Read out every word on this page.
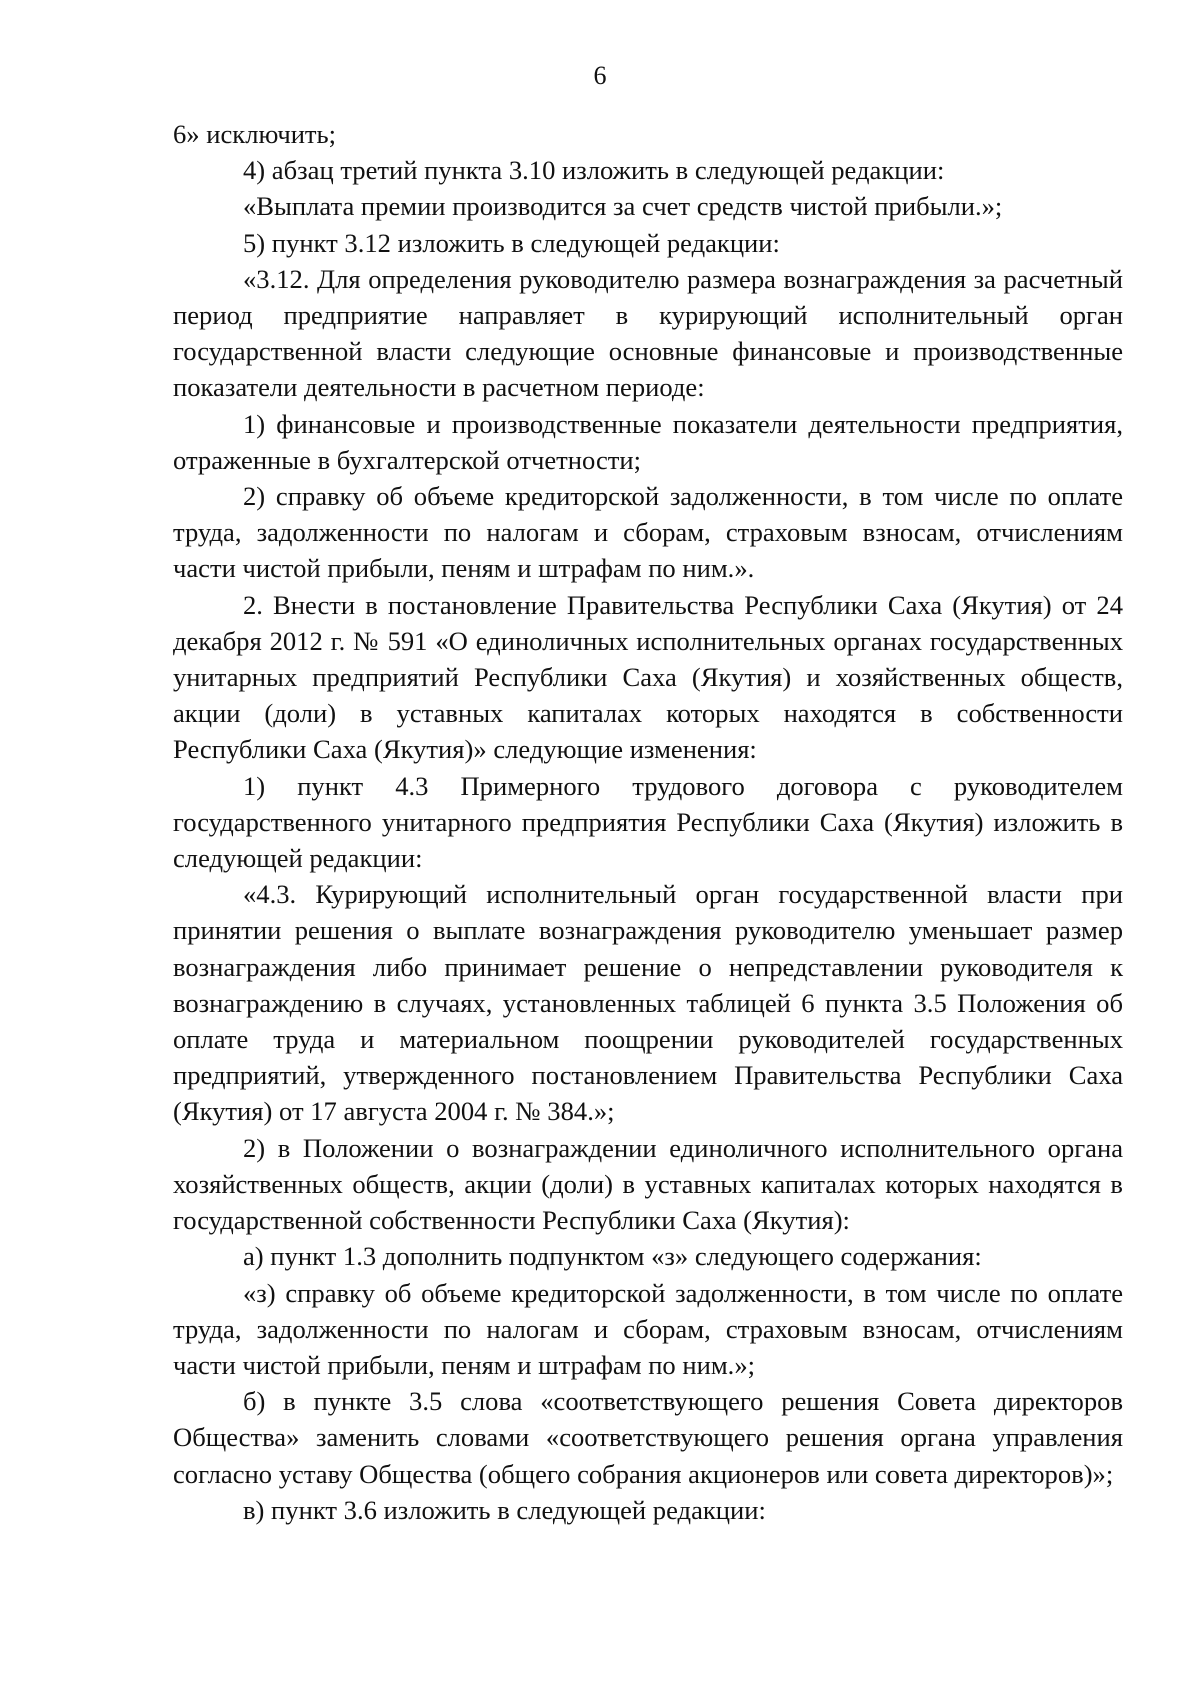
6

6» исключить;

4) абзац третий пункта 3.10 изложить в следующей редакции:

«Выплата премии производится за счет средств чистой прибыли.»;

5) пункт 3.12 изложить в следующей редакции:

«3.12. Для определения руководителю размера вознаграждения за расчетный период предприятие направляет в курирующий исполнительный орган государственной власти следующие основные финансовые и производственные показатели деятельности в расчетном периоде:

1) финансовые и производственные показатели деятельности предприятия, отраженные в бухгалтерской отчетности;

2) справку об объеме кредиторской задолженности, в том числе по оплате труда, задолженности по налогам и сборам, страховым взносам, отчислениям части чистой прибыли, пеням и штрафам по ним.».

2. Внести в постановление Правительства Республики Саха (Якутия) от 24 декабря 2012 г. № 591 «О единоличных исполнительных органах государственных унитарных предприятий Республики Саха (Якутия) и хозяйственных обществ, акции (доли) в уставных капиталах которых находятся в собственности Республики Саха (Якутия)» следующие изменения:

1) пункт 4.3 Примерного трудового договора с руководителем государственного унитарного предприятия Республики Саха (Якутия) изложить в следующей редакции:

«4.3. Курирующий исполнительный орган государственной власти при принятии решения о выплате вознаграждения руководителю уменьшает размер вознаграждения либо принимает решение о непредставлении руководителя к вознаграждению в случаях, установленных таблицей 6 пункта 3.5 Положения об оплате труда и материальном поощрении руководителей государственных предприятий, утвержденного постановлением Правительства Республики Саха (Якутия) от 17 августа 2004 г. № 384.»;

2) в Положении о вознаграждении единоличного исполнительного органа хозяйственных обществ, акции (доли) в уставных капиталах которых находятся в государственной собственности Республики Саха (Якутия):

а) пункт 1.3 дополнить подпунктом «з» следующего содержания:

«з) справку об объеме кредиторской задолженности, в том числе по оплате труда, задолженности по налогам и сборам, страховым взносам, отчислениям части чистой прибыли, пеням и штрафам по ним.»;

б) в пункте 3.5 слова «соответствующего решения Совета директоров Общества» заменить словами «соответствующего решения органа управления согласно уставу Общества (общего собрания акционеров или совета директоров)»;

в) пункт 3.6 изложить в следующей редакции:
